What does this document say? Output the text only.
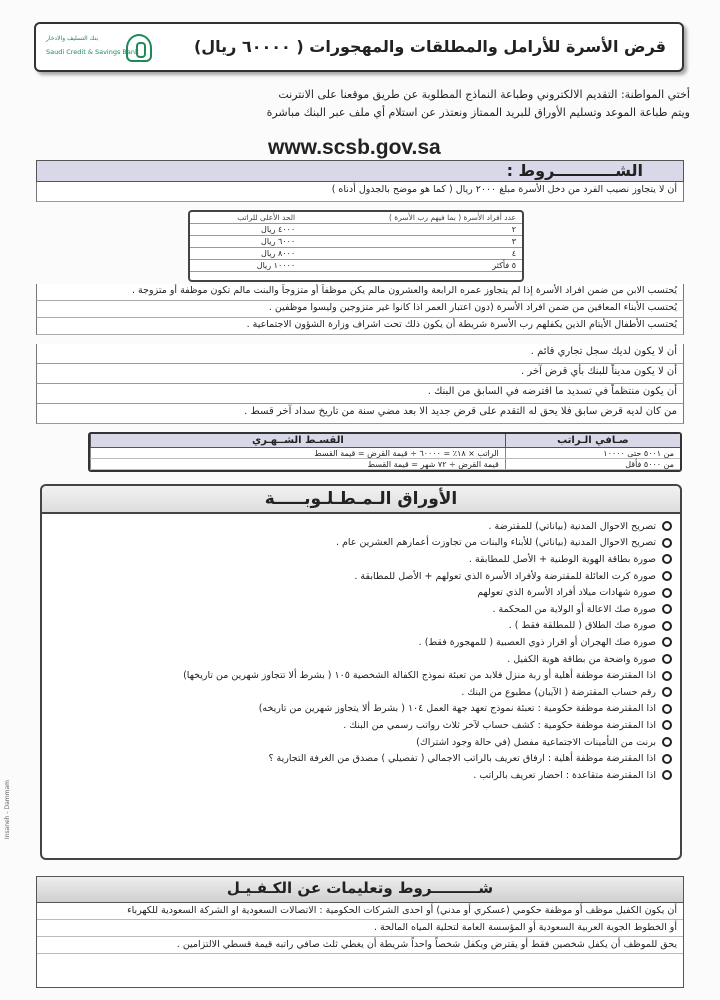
بنك التسليف والادخار
Saudi Credit & Savings Bank	قرض الأسرة للأرامل والمطلقات والمهجورات ( ٦٠٠٠٠ ريال)
أختي المواطنة: التقديم الالكتروني وطباعة النماذج المطلوبة عن طريق موقعنا على الانترنت
ويتم طباعة الموعد وتسليم الأوراق للبريد الممتاز ونعتذر عن استلام أي ملف عبر البنك مباشرة
www.scsb.gov.sa
الشـــــــــــروط :
أن لا يتجاوز نصيب الفرد من دخل الأسرة مبلغ ٢٠٠٠ ريال ( كما هو موضح بالجدول أدناه )
عدد أفراد الأسرة ( بما فيهم رب الأسرة )	الحد الأعلى للراتب
٢	٤٠٠٠ ريال
٣	٦٠٠٠ ريال
٤	٨٠٠٠ ريال
٥ فأكثر	١٠٠٠٠ ريال
يُحتسب الابن من ضمن افراد الأسرة إذا لم يتجاوز عمره الرابعة والعشرون مالم يكن موظفاً أو متزوجاً والبنت مالم تكون موظفة أو متزوجة .
يُحتسب الأبناء المعاقين من ضمن افراد الأسرة (دون اعتبار العمر اذا كانوا غير متزوجين وليسوا موظفين .
يُحتسب الأطفال الأيتام الذين يكفلهم رب الأسرة شريطة أن يكون ذلك تحت اشراف وزارة الشؤون الاجتماعية .
أن لا يكون لديك سجل تجاري قائم .
أن لا يكون مديناً للبنك بأي قرض آخر .
أن يكون منتظماً في تسديد ما اقترضه في السابق من البنك .
من كان لديه قرض سابق فلا يحق له التقدم على قرض جديد الا بعد مضي سنة من تاريخ سداد آخر قسط .
صـافي الـراتب	القسـط الشــهـري
من ٥٠٠١ حتى ١٠٠٠٠	الراتب × ١٨٪ = ٦٠٠٠٠ ÷ قيمة القرض = قيمة القسط
من ٥٠٠٠ فأقل	قيمة القرض ÷ ٧٢ شهر = قيمة القسط
الأوراق الـمـطـلـوبـــــة
تصريح الاحوال المدنية (بياناتي) للمقترضة .
تصريح الاحوال المدنية (بياناتي) للأبناء والبنات من تجاوزت أعمارهم العشرين عام .
صورة بطاقة الهوية الوطنية + الأصل للمطابقة .
صورة كرت العائلة للمقترضة ولأفراد الأسرة الذي تعولهم + الأصل للمطابقة .
صورة شهادات ميلاد أفراد الأسرة الذي تعولهم
صورة صك الاعالة أو الولاية من المحكمة .
صورة صك الطلاق ( للمطلقة فقط ) .
صورة صك الهجران أو اقرار ذوي العصبية ( للمهجورة فقط) .
صورة واضحة من بطاقة هوية الكفيل .
اذا المقترضة موظفة أهلية أو ربة منزل فلابد من تعبئة نموذج الكفالة الشخصية ١٠٥ ( بشرط ألا تتجاوز شهرين من تاريخها)
رقم حساب المقترضة ( الآيبان) مطبوع من البنك .
اذا المقترضة موظفة حكومية : تعبئة نموذج تعهد جهة العمل ١٠٤ ( بشرط ألا يتجاوز شهرين من تاريخه)
اذا المقترضة موظفة حكومية : كشف حساب لآخر ثلاث رواتب رسمي من البنك .
برنت من التأمينات الاجتماعية مفصل (في حالة وجود اشتراك)
اذا المقترضة موظفة أهلية : ارفاق تعريف بالراتب الاجمالي ( تفصيلي ) مصدق من الغرفة التجارية ؟
اذا المقترضة متقاعدة : احضار تعريف بالراتب .
Insaneh - Dammam
شـــــــــروط وتعليمات عن الكـفـيـل
أن يكون الكفيل موظف أو موظفة حكومي (عسكري أو مدني) أو احدى الشركات الحكومية : الاتصالات السعودية او الشركة السعودية للكهرباء
أو الخطوط الجوية العربية السعودية أو المؤسسة العامة لتحلية المياه المالحة .
يحق للموظف أن يكفل شخصين فقط أو يقترض ويكفل شخصاً واحداً شريطة أن يغطي ثلث صافي راتبه قيمة قسطي الالتزامين .
